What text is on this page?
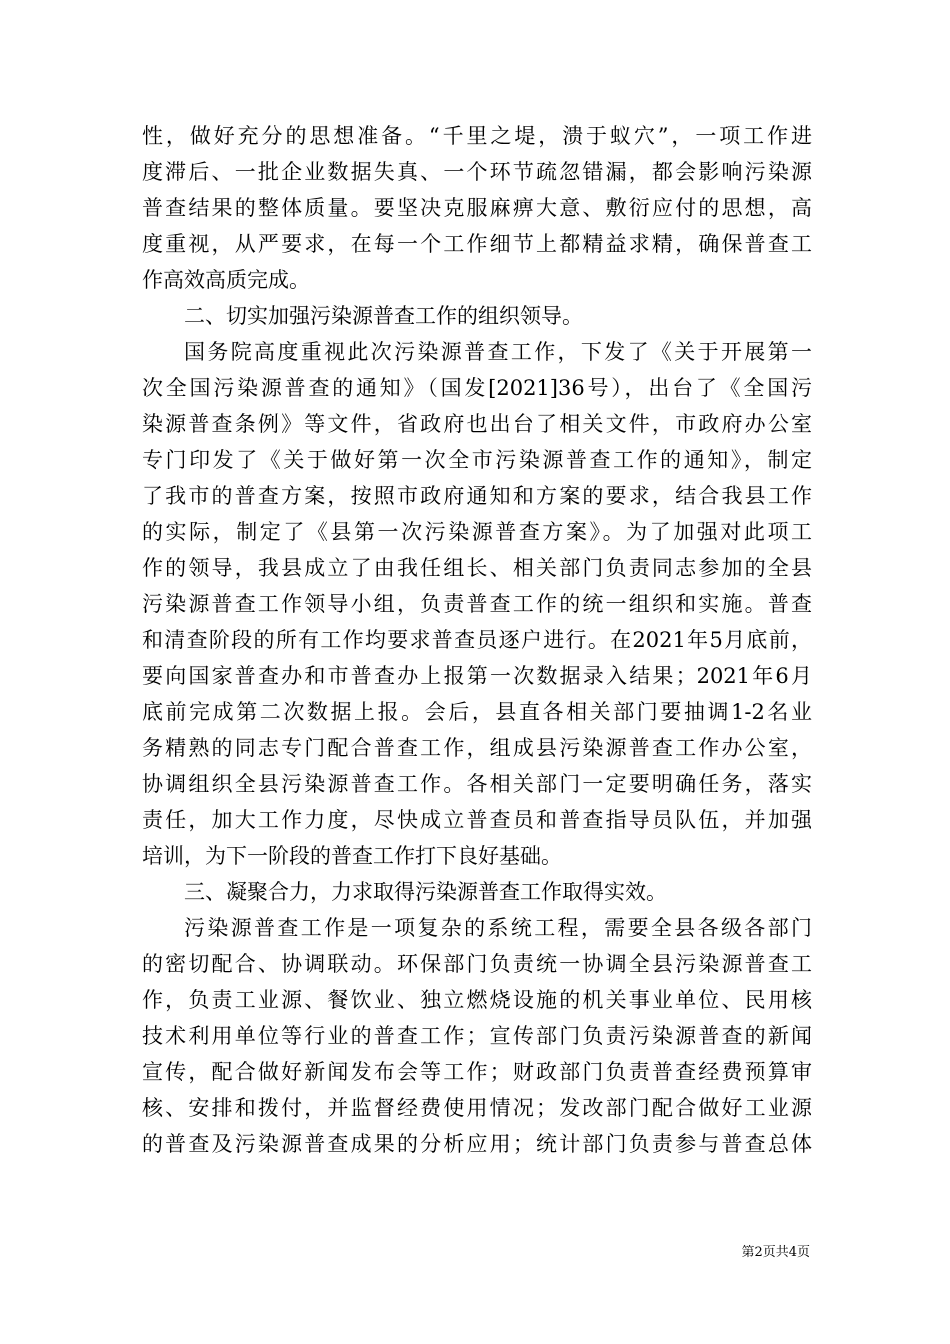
性，做好充分的思想准备。“千里之堤，溃于蚁穴”，一项工作进
度滞后、一批企业数据失真、一个环节疏忽错漏，都会影响污染源
普查结果的整体质量。要坚决克服麻痹大意、敷衍应付的思想，高
度重视，从严要求，在每一个工作细节上都精益求精，确保普查工
作高效高质完成。
二、切实加强污染源普查工作的组织领导。
国务院高度重视此次污染源普查工作，下发了《关于开展第一
次全国污染源普查的通知》（国发[2021]36号），出台了《全国污
染源普查条例》等文件，省政府也出台了相关文件，市政府办公室
专门印发了《关于做好第一次全市污染源普查工作的通知》，制定
了我市的普查方案，按照市政府通知和方案的要求，结合我县工作
的实际，制定了《县第一次污染源普查方案》。为了加强对此项工
作的领导，我县成立了由我任组长、相关部门负责同志参加的全县
污染源普查工作领导小组，负责普查工作的统一组织和实施。普查
和清查阶段的所有工作均要求普查员逐户进行。在2021年5月底前，
要向国家普查办和市普查办上报第一次数据录入结果；2021年6月
底前完成第二次数据上报。会后，县直各相关部门要抽调1-2名业
务精熟的同志专门配合普查工作，组成县污染源普查工作办公室，
协调组织全县污染源普查工作。各相关部门一定要明确任务，落实
责任，加大工作力度，尽快成立普查员和普查指导员队伍，并加强
培训，为下一阶段的普查工作打下良好基础。
三、凝聚合力，力求取得污染源普查工作取得实效。
污染源普查工作是一项复杂的系统工程，需要全县各级各部门
的密切配合、协调联动。环保部门负责统一协调全县污染源普查工
作，负责工业源、餐饮业、独立燃烧设施的机关事业单位、民用核
技术利用单位等行业的普查工作；宣传部门负责污染源普查的新闻
宣传，配合做好新闻发布会等工作；财政部门负责普查经费预算审
核、安排和拨付，并监督经费使用情况；发改部门配合做好工业源
的普查及污染源普查成果的分析应用；统计部门负责参与普查总体
第2页共4页
